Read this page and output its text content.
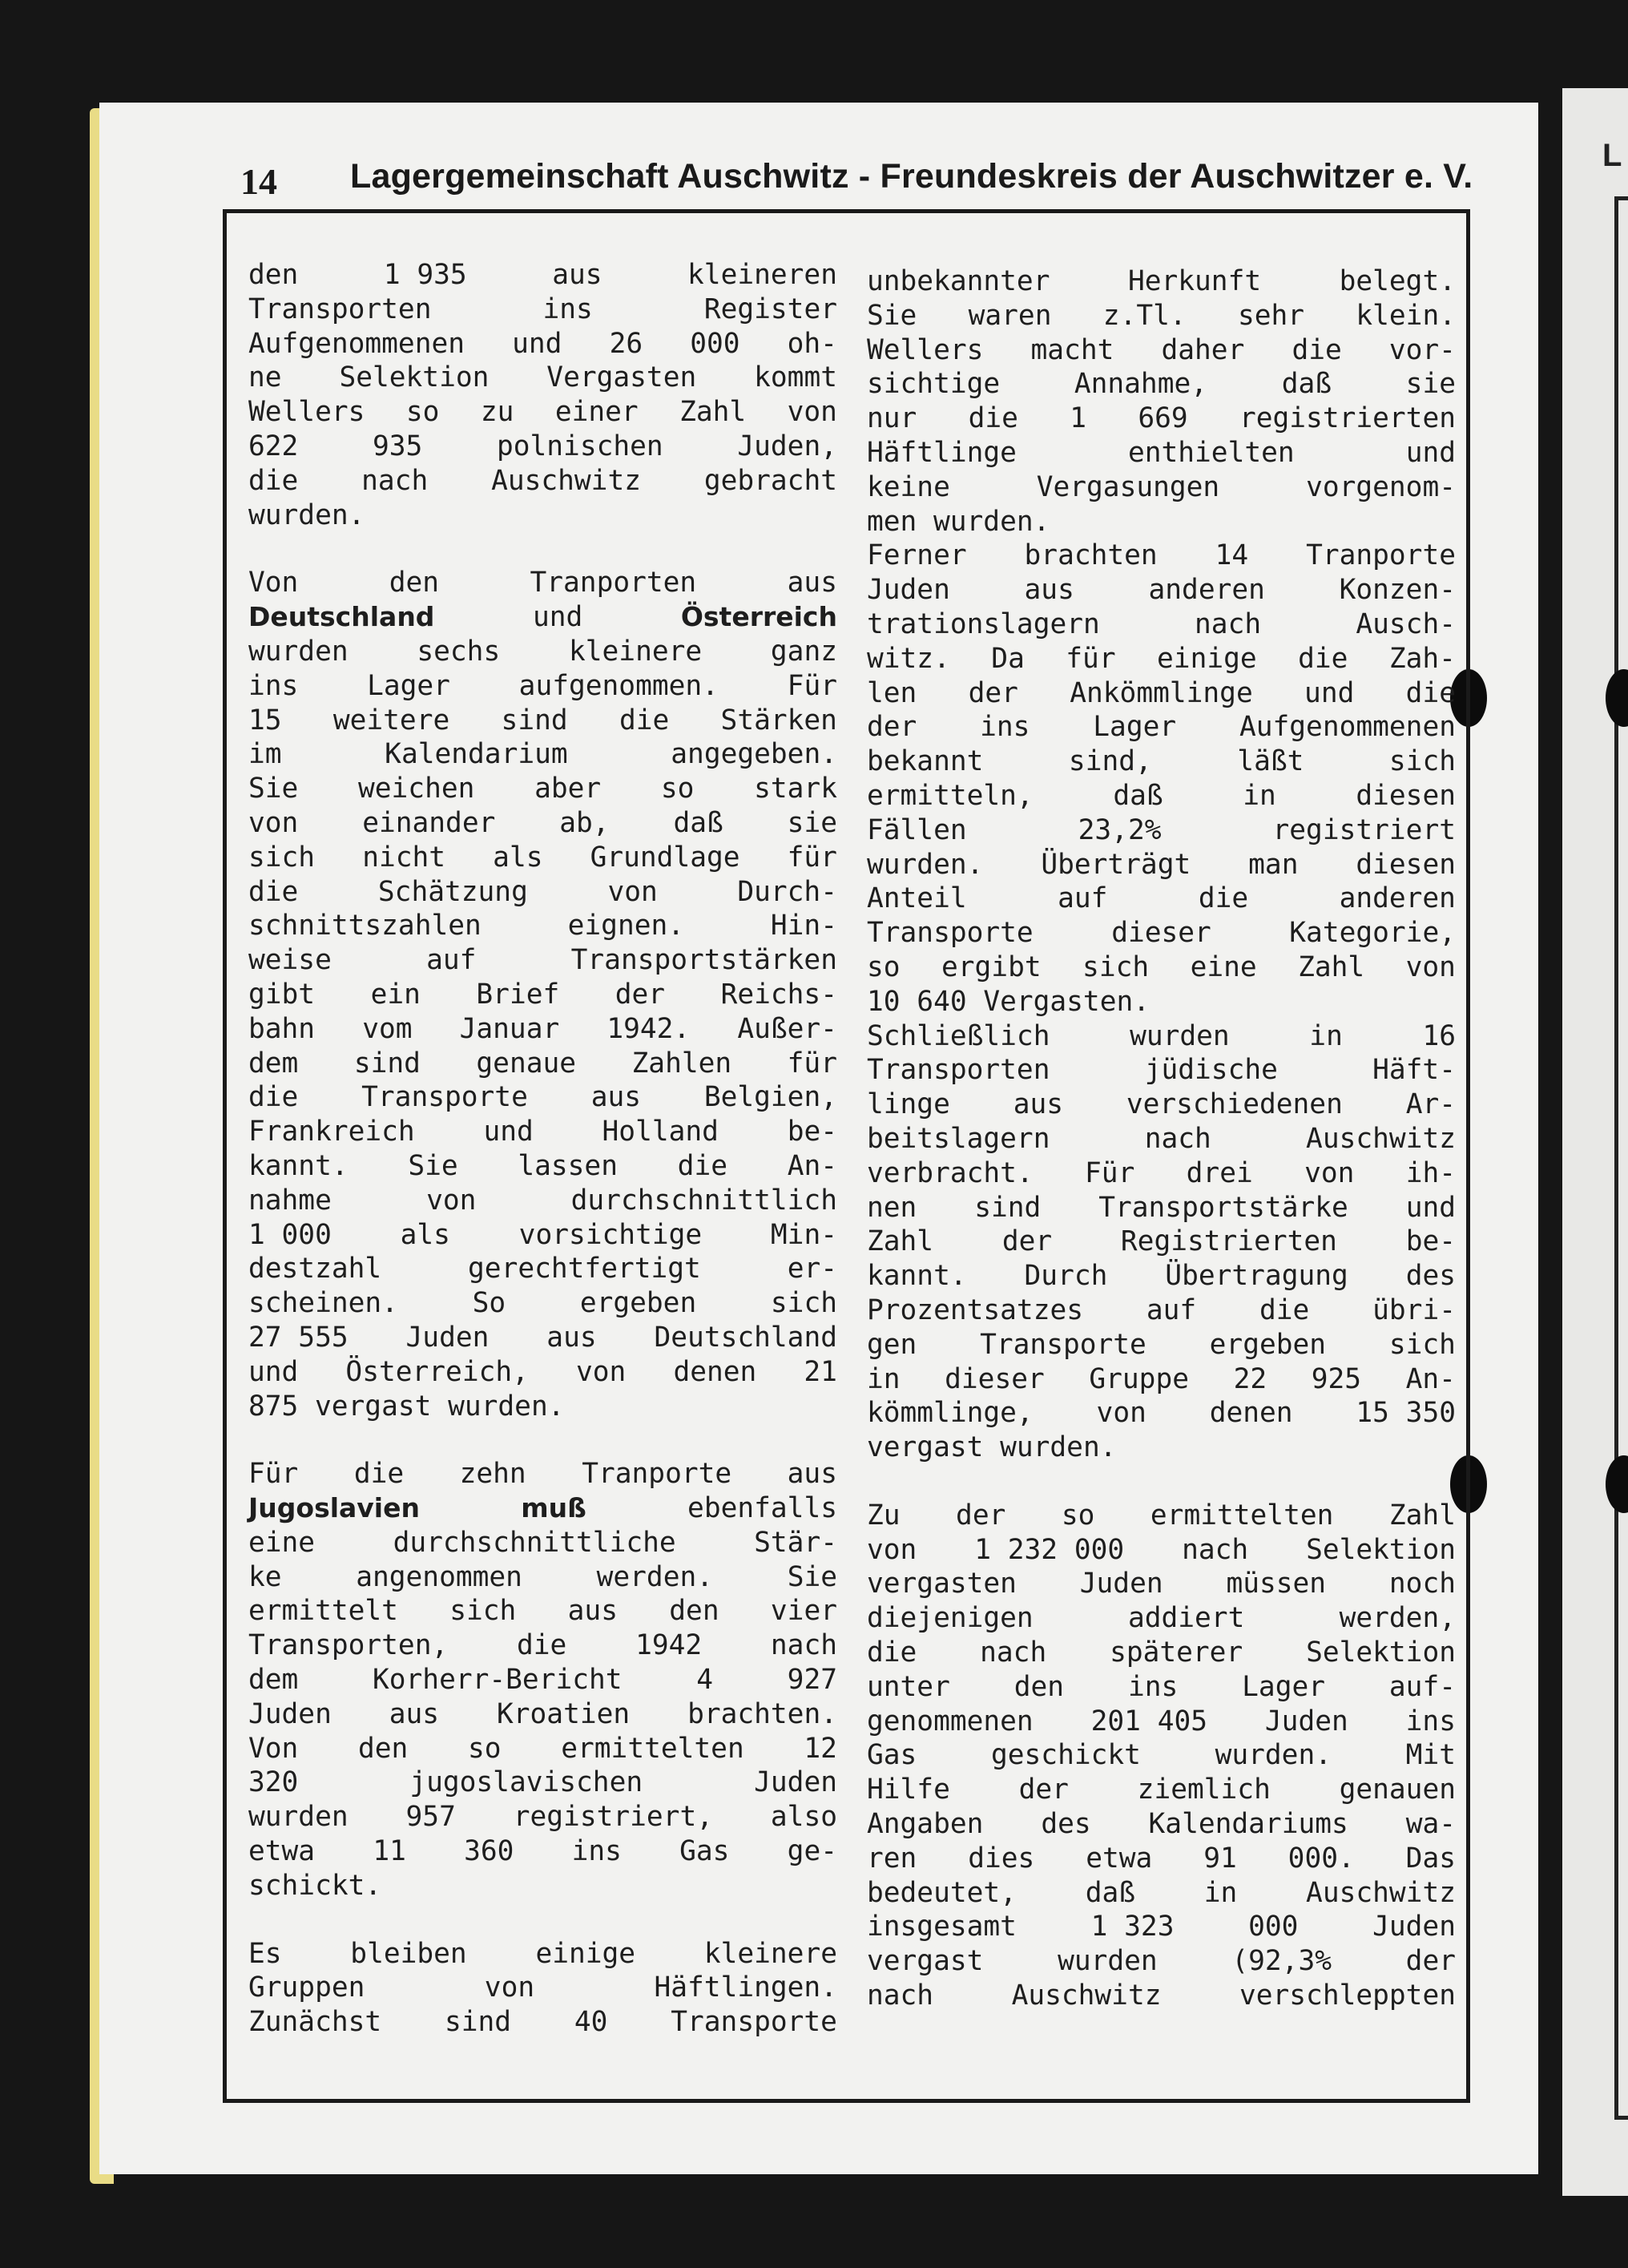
L
14 Lagergemeinschaft Auschwitz - Freundeskreis der Auschwitzer e. V.
den	1 935	aus	kleineren
Transporten	ins	Register
Aufgenommenen und 26 000 oh-
ne Selektion Vergasten kommt
Wellers so zu einer Zahl von
622	935	polnischen	Juden,
die nach Auschwitz gebracht
wurden.
Von	den	Tranporten	aus
Deutschland	und	Österreich
wurden sechs kleinere ganz
ins Lager aufgenommen. Für
15 weitere sind die Stärken
im	Kalendarium	angegeben.
Sie weichen aber so stark
von einander ab, daß sie
sich nicht als Grundlage für
die	Schätzung	von	Durch-
schnittszahlen	eignen.	Hin-
weise	auf	Transportstärken
gibt ein Brief der Reichs-
bahn vom Januar 1942. Außer-
dem sind genaue Zahlen für
die Transporte aus Belgien,
Frankreich und Holland be-
kannt. Sie lassen die An-
nahme	von	durchschnittlich
1 000 als vorsichtige Min-
destzahl	gerechtfertigt	er-
scheinen.	So	ergeben	sich
27 555 Juden aus Deutschland
und Österreich, von denen 21
875 vergast wurden.
Für die zehn Tranporte aus
Jugoslavien	muß	ebenfalls
eine	durchschnittliche	Stär-
ke	angenommen	werden.	Sie
ermittelt sich aus den vier
Transporten, die 1942 nach
dem	Korherr-Bericht	4	927
Juden aus Kroatien brachten.
Von den so ermittelten 12
320	jugoslavischen	Juden
wurden 957 registriert, also
etwa 11 360 ins Gas ge-
schickt.
Es bleiben einige kleinere
Gruppen	von	Häftlingen.
Zunächst sind 40 Transporte
unbekannter	Herkunft	belegt.
Sie waren z.Tl. sehr klein.
Wellers macht daher die vor-
sichtige	Annahme,	daß	sie
nur die 1 669 registrierten
Häftlinge	enthielten	und
keine	Vergasungen	vorgenom-
men wurden.
Ferner brachten 14 Tranporte
Juden	aus	anderen	Konzen-
trationslagern	nach	Ausch-
witz. Da für einige die Zah-
len der Ankömmlinge und die
der ins Lager Aufgenommenen
bekannt	sind,	läßt	sich
ermitteln,	daß	in	diesen
Fällen	23,2%	registriert
wurden. Überträgt man diesen
Anteil	auf	die	anderen
Transporte	dieser	Kategorie,
so ergibt sich eine Zahl von
10 640 Vergasten.
Schließlich	wurden	in	16
Transporten	jüdische	Häft-
linge aus verschiedenen Ar-
beitslagern	nach	Auschwitz
verbracht. Für drei von ih-
nen sind Transportstärke und
Zahl der Registrierten be-
kannt. Durch Übertragung des
Prozentsatzes auf die übri-
gen Transporte ergeben sich
in dieser Gruppe 22 925 An-
kömmlinge, von denen 15 350
vergast wurden.
Zu der so ermittelten Zahl
von 1 232 000 nach Selektion
vergasten Juden müssen noch
diejenigen	addiert	werden,
die nach späterer Selektion
unter den ins Lager auf-
genommenen 201 405 Juden ins
Gas	geschickt	wurden.	Mit
Hilfe der ziemlich genauen
Angaben des Kalendariums wa-
ren dies etwa 91 000. Das
bedeutet, daß in Auschwitz
insgesamt	1 323	000	Juden
vergast	wurden	(92,3%	der
nach	Auschwitz	verschleppten
